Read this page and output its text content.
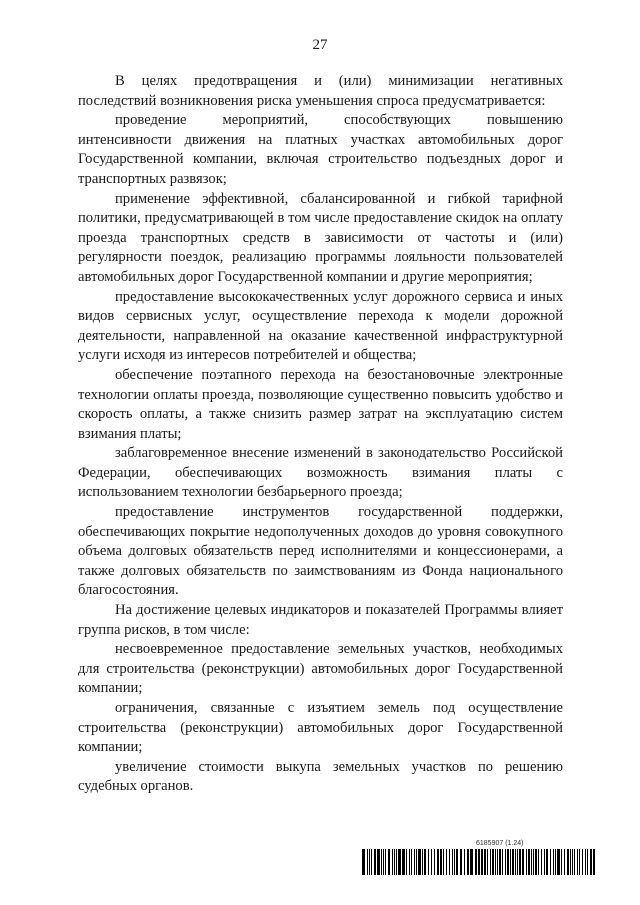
27

В целях предотвращения и (или) минимизации негативных последствий возникновения риска уменьшения спроса предусматривается:

проведение мероприятий, способствующих повышению интенсивности движения на платных участках автомобильных дорог Государственной компании, включая строительство подъездных дорог и транспортных развязок;

применение эффективной, сбалансированной и гибкой тарифной политики, предусматривающей в том числе предоставление скидок на оплату проезда транспортных средств в зависимости от частоты и (или) регулярности поездок, реализацию программы лояльности пользователей автомобильных дорог Государственной компании и другие мероприятия;

предоставление высококачественных услуг дорожного сервиса и иных видов сервисных услуг, осуществление перехода к модели дорожной деятельности, направленной на оказание качественной инфраструктурной услуги исходя из интересов потребителей и общества;

обеспечение поэтапного перехода на безостановочные электронные технологии оплаты проезда, позволяющие существенно повысить удобство и скорость оплаты, а также снизить размер затрат на эксплуатацию систем взимания платы;

заблаговременное внесение изменений в законодательство Российской Федерации, обеспечивающих возможность взимания платы с использованием технологии безбарьерного проезда;

предоставление инструментов государственной поддержки, обеспечивающих покрытие недополученных доходов до уровня совокупного объема долговых обязательств перед исполнителями и концессионерами, а также долговых обязательств по заимствованиям из Фонда национального благосостояния.

На достижение целевых индикаторов и показателей Программы влияет группа рисков, в том числе:

несвоевременное предоставление земельных участков, необходимых для строительства (реконструкции) автомобильных дорог Государственной компании;

ограничения, связанные с изъятием земель под осуществление строительства (реконструкции) автомобильных дорог Государственной компании;

увеличение стоимости выкупа земельных участков по решению судебных органов.

6185907 (1.24)
